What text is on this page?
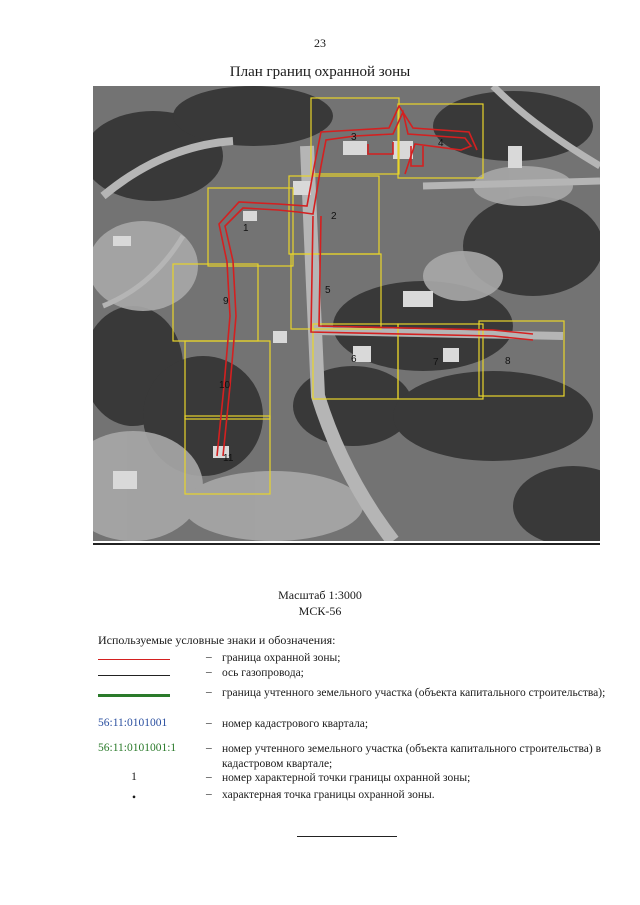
23
План границ охранной зоны
3
4
1
2
5
9
6	7	8
10
11
Масштаб 1:3000
МСК-56
Используемые условные знаки и обозначения:
– граница охранной зоны;
– ось газопровода;
– граница учтенного земельного участка (объекта капитального строительства);
56:11:0101001	– номер кадастрового квартала;
56:11:0101001:1	– номер учтенного земельного участка (объекта капитального строительства) в кадастровом квартале;
1	– номер характерной точки границы охранной зоны;
•	– характерная точка границы охранной зоны.
